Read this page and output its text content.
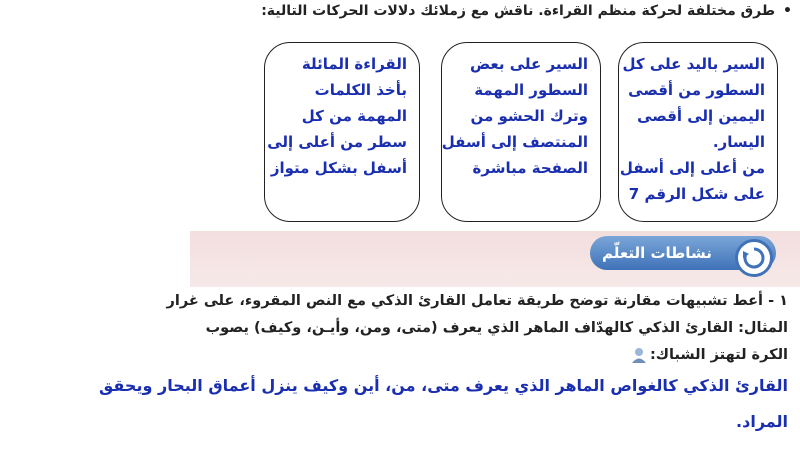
•طرق مختلفة لحركة منظم القراءة. ناقش مع زملائك دلالات الحركات التالية:
السير باليد على كل
السطور من أقصى
اليمين إلى أقصى
اليسار.
من أعلى إلى أسفل
على شكل الرقم 7
السير على بعض
السطور المهمة
وترك الحشو من
المنتصف إلى أسفل
الصفحة مباشرة
القراءة المائلة
بأخذ الكلمات
المهمة من كل
سطر من أعلى إلى
أسفل بشكل متواز
نشاطات التعلّم
١ - أعط تشبيهات مقارنة توضح طريقة تعامل القارئ الذكي مع النص المقروء، على غرار
المثال: القارئ الذكي كالهدّاف الماهر الذي يعرف (متى، ومن، وأيـن، وكيف) يصوب
الكرة لتهتز الشباك:
القارئ الذكي كالغواص الماهر الذي يعرف متى، من، أين وكيف ينزل أعماق البحار ويحقق
المراد.
